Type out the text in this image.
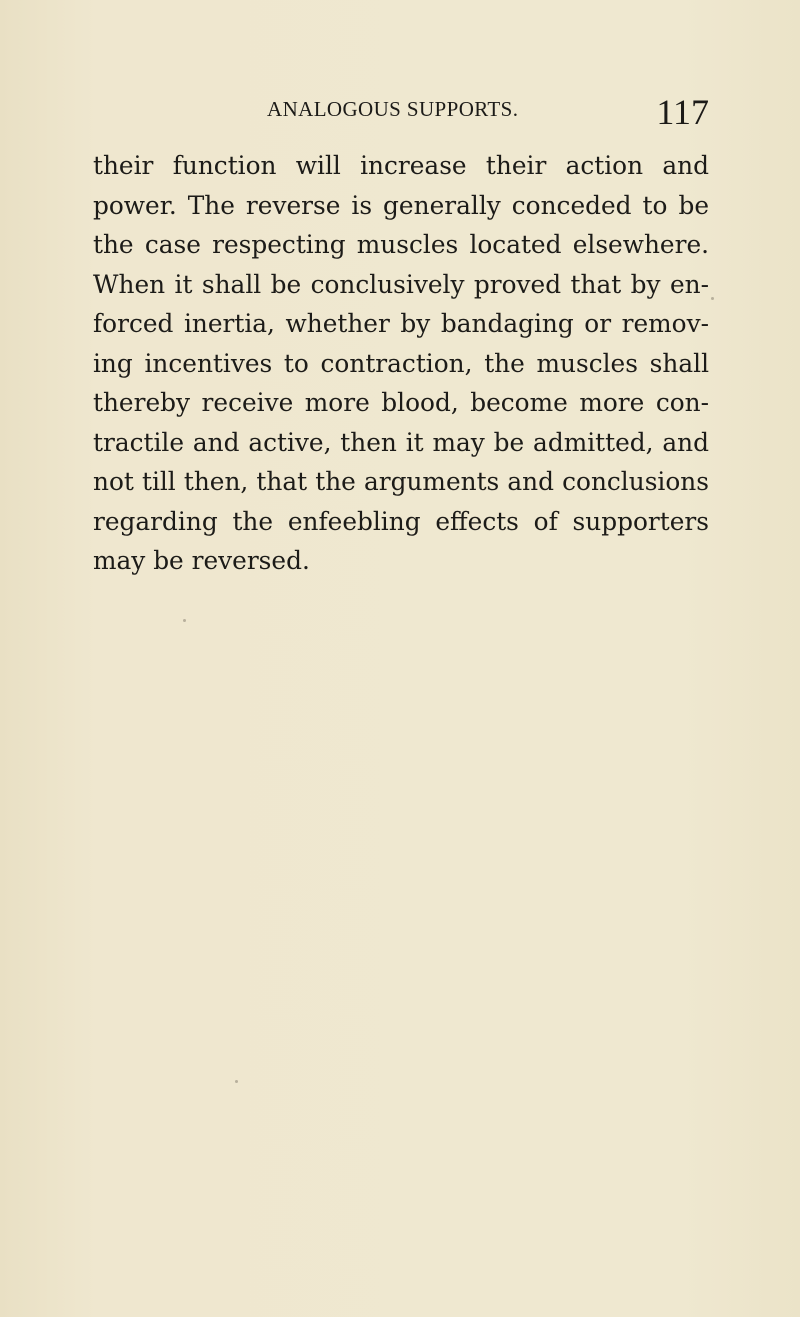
ANALOGOUS SUPPORTS.	117
their function will increase their action and
power. The reverse is generally conceded to be
the case respecting muscles located elsewhere.
When it shall be conclusively proved that by en-
forced inertia, whether by bandaging or remov-
ing incentives to contraction, the muscles shall
thereby receive more blood, become more con-
tractile and active, then it may be admitted, and
not till then, that the arguments and conclusions
regarding the enfeebling effects of supporters
may be reversed.
